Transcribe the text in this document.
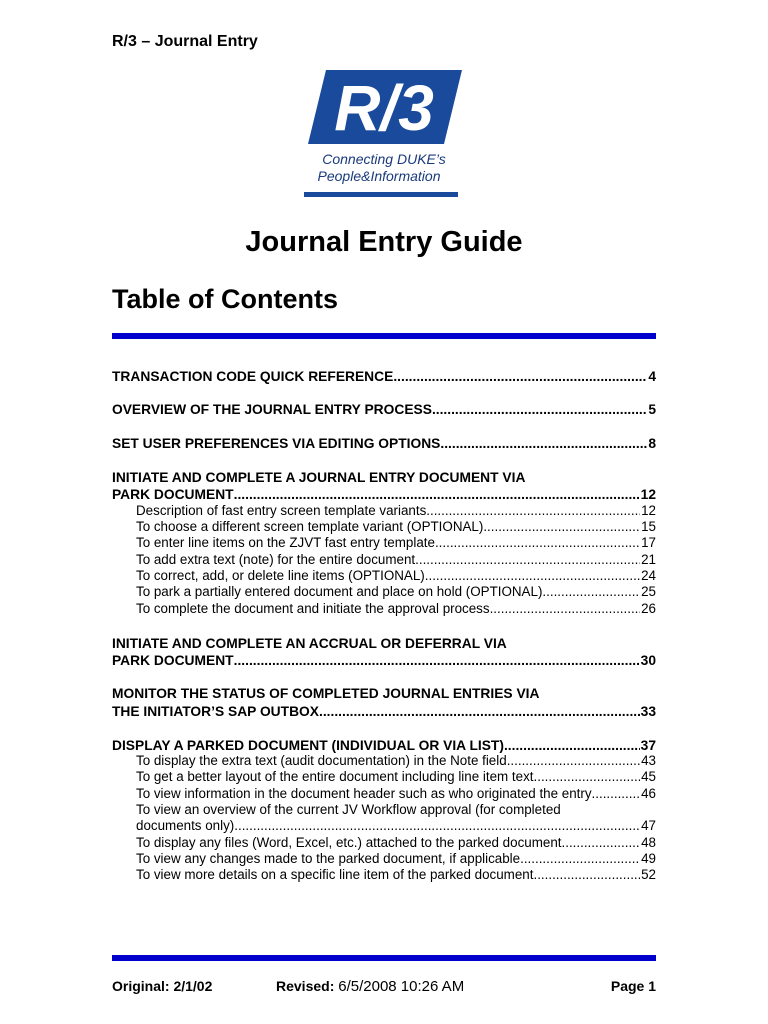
R/3 – Journal Entry
R/3
Connecting DUKE’s
People&Information
Journal Entry Guide
Table of Contents
TRANSACTION CODE QUICK REFERENCE .....	4
OVERVIEW OF THE JOURNAL ENTRY PROCESS .....	5
SET USER PREFERENCES VIA EDITING OPTIONS .....	8
INITIATE AND COMPLETE A JOURNAL ENTRY DOCUMENT VIA
PARK DOCUMENT .....	12
Description of fast entry screen template variants .....	12
To choose a different screen template variant (OPTIONAL) .....	15
To enter line items on the ZJVT fast entry template .....	17
To add extra text (note) for the entire document .....	21
To correct, add, or delete line items (OPTIONAL) .....	24
To park a partially entered document and place on hold (OPTIONAL) .....	25
To complete the document and initiate the approval process .....	26
INITIATE AND COMPLETE AN ACCRUAL OR DEFERRAL VIA
PARK DOCUMENT .....	30
MONITOR THE STATUS OF COMPLETED JOURNAL ENTRIES VIA
THE INITIATOR’S SAP OUTBOX .....	33
DISPLAY A PARKED DOCUMENT (INDIVIDUAL OR VIA LIST) .....	37
To display the extra text (audit documentation) in the Note field .....	43
To get a better layout of the entire document including line item text .....	45
To view information in the document header such as who originated the entry .....	46
To view an overview of the current JV Workflow approval (for completed
documents only) .....	47
To display any files (Word, Excel, etc.) attached to the parked document .....	48
To view any changes made to the parked document, if applicable .....	49
To view more details on a specific line item of the parked document .....	52
Original: 2/1/02	Revised: 6/5/2008 10:26 AM	Page 1
